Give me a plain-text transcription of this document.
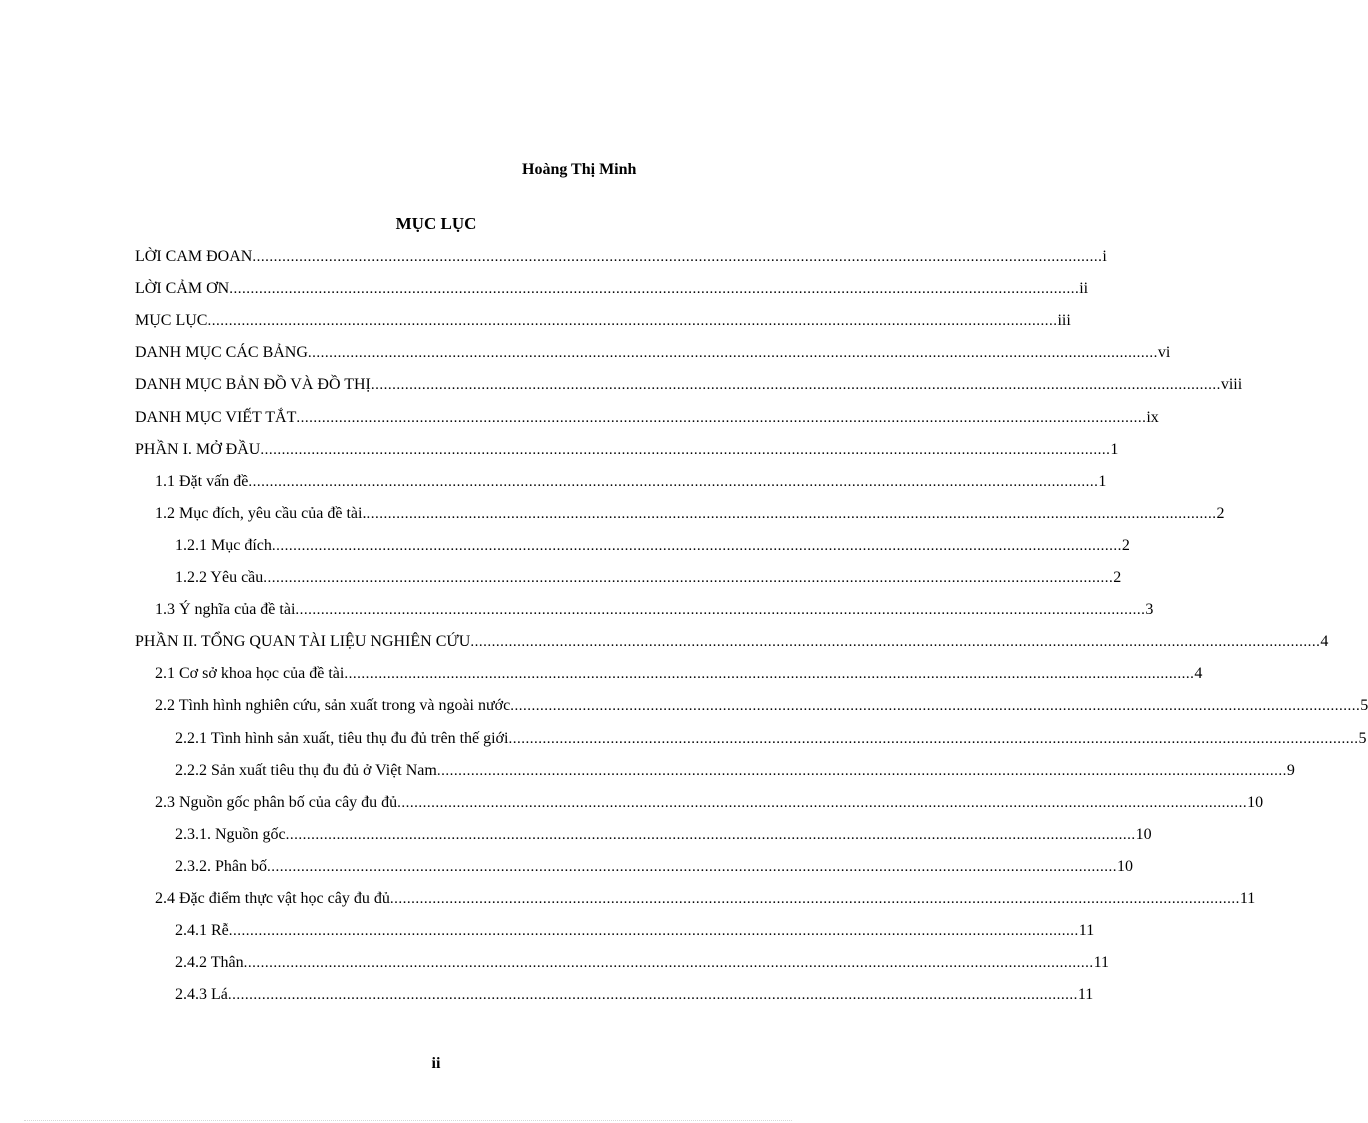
Hoàng Thị Minh
MỤC LỤC
LỜI CAM ĐOAN ........................................................................................................................................................................................................ i
LỜI CẢM ƠN ........................................................................................................................................................................................................ ii
MỤC LỤC ........................................................................................................................................................................................................ iii
DANH MỤC CÁC BẢNG ........................................................................................................................................................................................................ vi
DANH MỤC BẢN ĐỒ VÀ ĐỒ THỊ ........................................................................................................................................................................................................ viii
DANH MỤC VIẾT TẮT ........................................................................................................................................................................................................ ix
PHẦN I. MỞ ĐẦU ........................................................................................................................................................................................................ 1
1.1 Đặt vấn đề ........................................................................................................................................................................................................ 1
1.2 Mục đích, yêu cầu của đề tài. ........................................................................................................................................................................................................ 2
1.2.1 Mục đích ........................................................................................................................................................................................................ 2
1.2.2 Yêu cầu ........................................................................................................................................................................................................ 2
1.3 Ý nghĩa của đề tài ........................................................................................................................................................................................................ 3
PHẦN II. TỔNG QUAN TÀI LIỆU NGHIÊN CỨU ........................................................................................................................................................................................................ 4
2.1 Cơ sở khoa học của đề tài ........................................................................................................................................................................................................ 4
2.2 Tình hình nghiên cứu, sản xuất trong và ngoài nước ........................................................................................................................................................................................................ 5
2.2.1 Tình hình sản xuất, tiêu thụ đu đủ trên thế giới ........................................................................................................................................................................................................ 5
2.2.2 Sản xuất tiêu thụ đu đủ ở Việt Nam ........................................................................................................................................................................................................ 9
2.3 Nguồn gốc phân bố của cây đu đủ ........................................................................................................................................................................................................ 10
2.3.1. Nguồn gốc ........................................................................................................................................................................................................ 10
2.3.2. Phân bố ........................................................................................................................................................................................................ 10
2.4 Đặc điểm thực vật học cây đu đủ ........................................................................................................................................................................................................ 11
2.4.1 Rễ ........................................................................................................................................................................................................ 11
2.4.2 Thân ........................................................................................................................................................................................................ 11
2.4.3 Lá ........................................................................................................................................................................................................ 11
ii
